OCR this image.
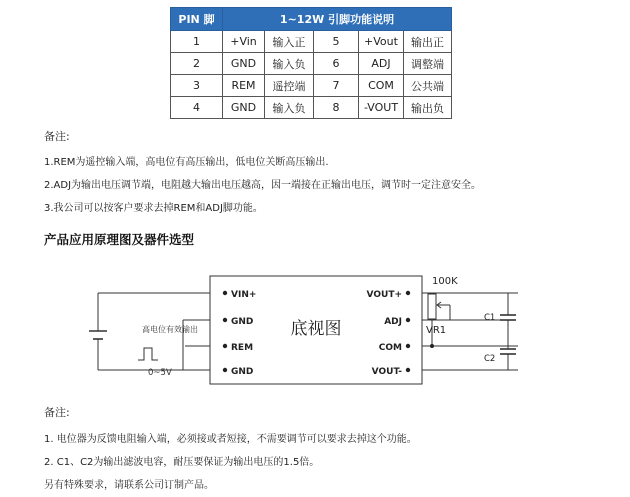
PIN 脚	1~12W 引脚功能说明				
1	+Vin	输入正	5	+Vout	输出正
2	GND	输入负	6	ADJ	调整端
3	REM	遥控端	7	COM	公共端
4	GND	输入负	8	-VOUT	输出负
备注:
1.REM为遥控输入端，高电位有高压输出，低电位关断高压输出.
2.ADJ为输出电压调节端，电阻越大输出电压越高，因一端接在正输出电压，调节时一定注意安全。
3.我公司可以按客户要求去掉REM和ADJ脚功能。
产品应用原理图及器件选型
VIN+
GND
REM
GND
VOUT+
ADJ
COM
VOUT-
底视图
高电位有效输出
0~5V
100K
VR1
C1
C2
备注:
1. 电位器为反馈电阻输入端，必须接或者短接，不需要调节可以要求去掉这个功能。
2. C1、C2为输出滤波电容，耐压要保证为输出电压的1.5倍。
另有特殊要求，请联系公司订制产品。
